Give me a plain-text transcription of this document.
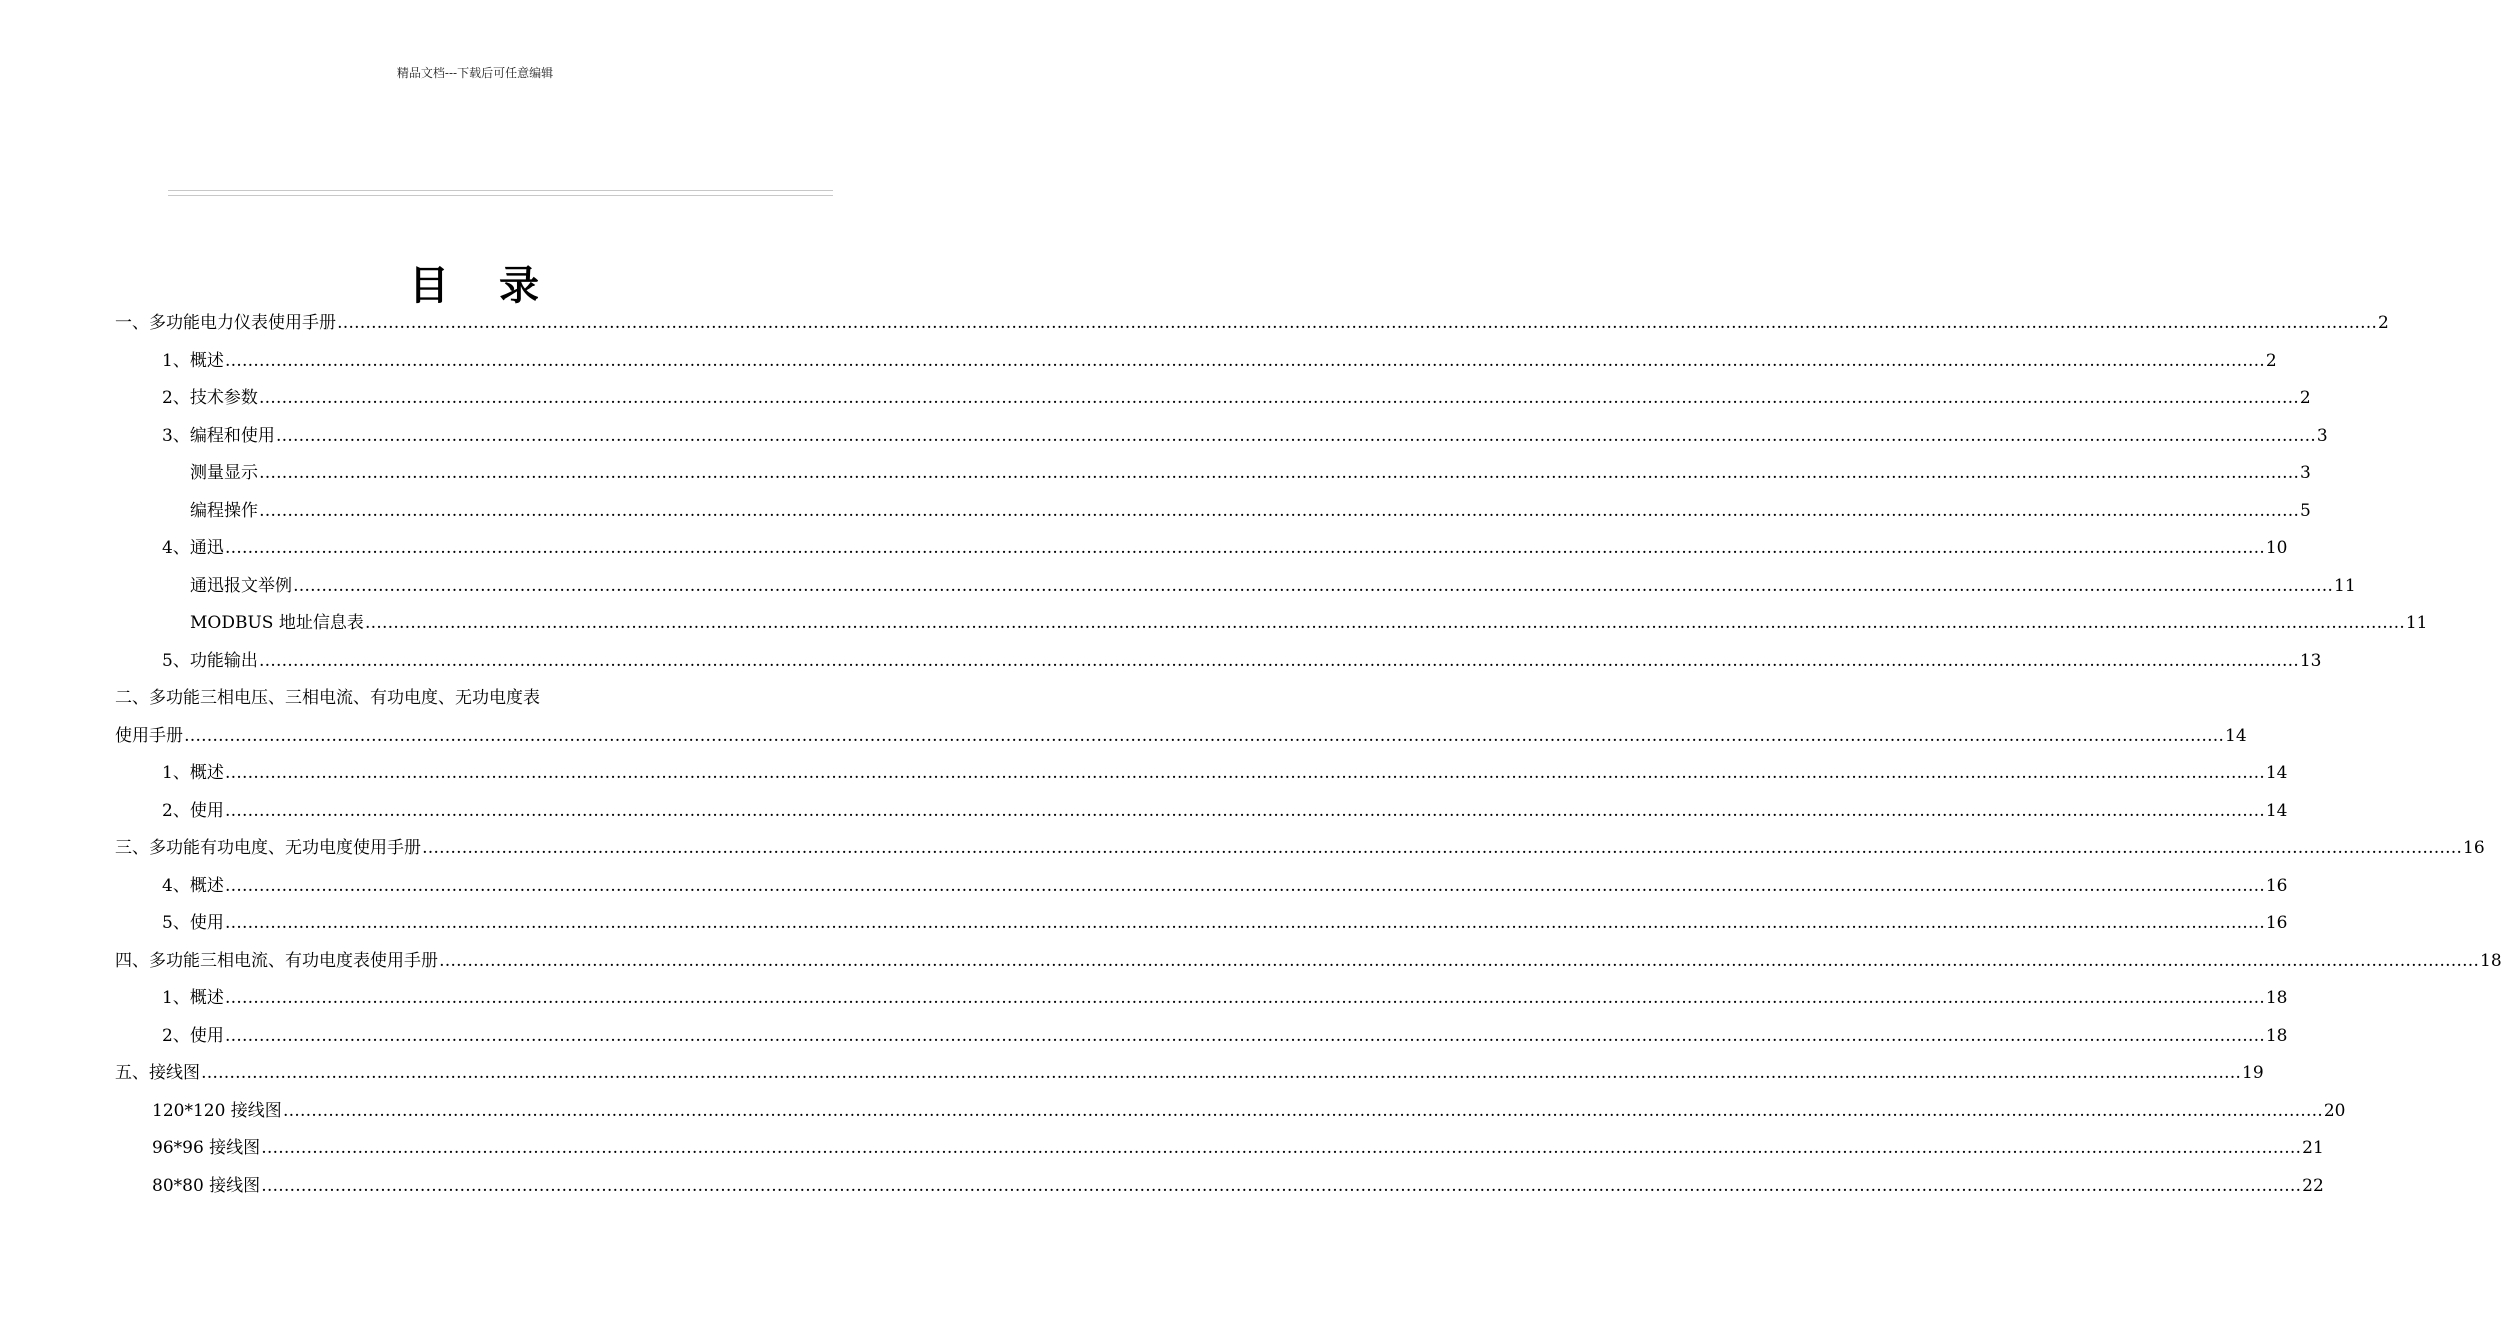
精品文档---下载后可任意编辑
目 录
一、多功能电力仪表使用手册 ……………………………………………………………………………………………………………………………………………………………………………………………………………………………………………………………………………………………………………………………… 2
1、概述 ……………………………………………………………………………………………………………………………………………………………………………………………………………………………………………………………………………………………………………………………… 2
2、技术参数 ……………………………………………………………………………………………………………………………………………………………………………………………………………………………………………………………………………………………………………………………… 2
3、编程和使用 ……………………………………………………………………………………………………………………………………………………………………………………………………………………………………………………………………………………………………………………………… 3
测量显示 ……………………………………………………………………………………………………………………………………………………………………………………………………………………………………………………………………………………………………………………………… 3
编程操作 ……………………………………………………………………………………………………………………………………………………………………………………………………………………………………………………………………………………………………………………………… 5
4、通迅 ……………………………………………………………………………………………………………………………………………………………………………………………………………………………………………………………………………………………………………………………… 10
通迅报文举例 ……………………………………………………………………………………………………………………………………………………………………………………………………………………………………………………………………………………………………………………………… 11
MODBUS 地址信息表 ……………………………………………………………………………………………………………………………………………………………………………………………………………………………………………………………………………………………………………………………… 11
5、功能输出 ……………………………………………………………………………………………………………………………………………………………………………………………………………………………………………………………………………………………………………………………… 13
二、多功能三相电压、三相电流、有功电度、无功电度表
使用手册 ……………………………………………………………………………………………………………………………………………………………………………………………………………………………………………………………………………………………………………………………… 14
1、概述 ……………………………………………………………………………………………………………………………………………………………………………………………………………………………………………………………………………………………………………………………… 14
2、使用 ……………………………………………………………………………………………………………………………………………………………………………………………………………………………………………………………………………………………………………………………… 14
三、多功能有功电度、无功电度使用手册 ……………………………………………………………………………………………………………………………………………………………………………………………………………………………………………………………………………………………………………………………… 16
4、概述 ……………………………………………………………………………………………………………………………………………………………………………………………………………………………………………………………………………………………………………………………… 16
5、使用 ……………………………………………………………………………………………………………………………………………………………………………………………………………………………………………………………………………………………………………………………… 16
四、多功能三相电流、有功电度表使用手册 ……………………………………………………………………………………………………………………………………………………………………………………………………………………………………………………………………………………………………………………………… 18
1、概述 ……………………………………………………………………………………………………………………………………………………………………………………………………………………………………………………………………………………………………………………………… 18
2、使用 ……………………………………………………………………………………………………………………………………………………………………………………………………………………………………………………………………………………………………………………………… 18
五、接线图 ……………………………………………………………………………………………………………………………………………………………………………………………………………………………………………………………………………………………………………………………… 19
120*120 接线图 ……………………………………………………………………………………………………………………………………………………………………………………………………………………………………………………………………………………………………………………………… 20
96*96 接线图 ……………………………………………………………………………………………………………………………………………………………………………………………………………………………………………………………………………………………………………………………… 21
80*80 接线图 ……………………………………………………………………………………………………………………………………………………………………………………………………………………………………………………………………………………………………………………………… 22
